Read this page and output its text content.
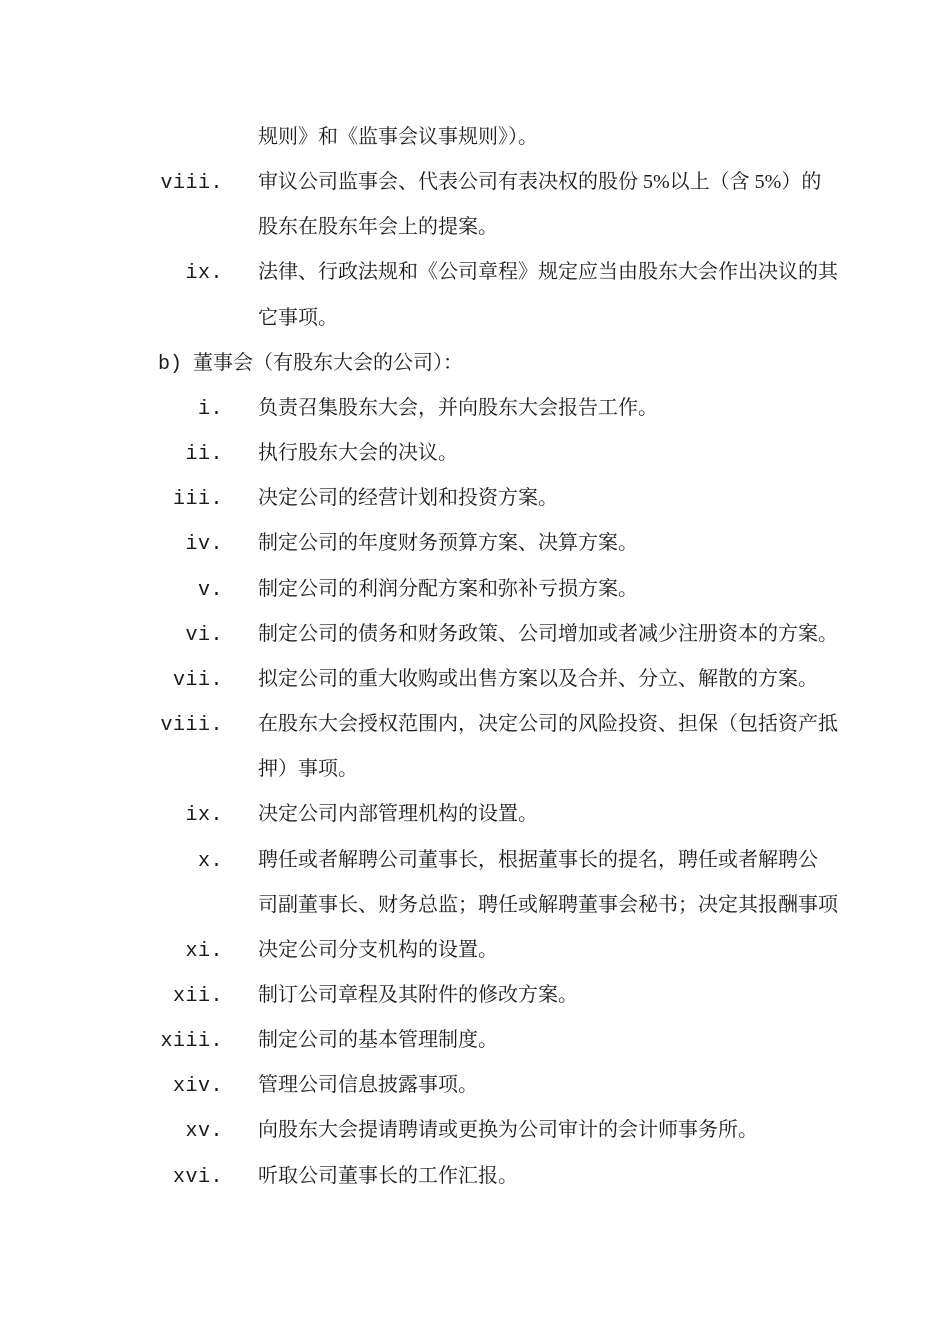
规则》和《监事会议事规则》）。
viii. 审议公司监事会、代表公司有表决权的股份 5%以上（含 5%）的
股东在股东年会上的提案。
ix. 法律、行政法规和《公司章程》规定应当由股东大会作出决议的其
它事项。
b) 董事会（有股东大会的公司）：
i. 负责召集股东大会，并向股东大会报告工作。
ii. 执行股东大会的决议。
iii. 决定公司的经营计划和投资方案。
iv. 制定公司的年度财务预算方案、决算方案。
v. 制定公司的利润分配方案和弥补亏损方案。
vi. 制定公司的债务和财务政策、公司增加或者减少注册资本的方案。
vii. 拟定公司的重大收购或出售方案以及合并、分立、解散的方案。
viii. 在股东大会授权范围内，决定公司的风险投资、担保（包括资产抵
押）事项。
ix. 决定公司内部管理机构的设置。
x. 聘任或者解聘公司董事长，根据董事长的提名，聘任或者解聘公
司副董事长、财务总监；聘任或解聘董事会秘书；决定其报酬事项
xi. 决定公司分支机构的设置。
xii. 制订公司章程及其附件的修改方案。
xiii. 制定公司的基本管理制度。
xiv. 管理公司信息披露事项。
xv. 向股东大会提请聘请或更换为公司审计的会计师事务所。
xvi. 听取公司董事长的工作汇报。
